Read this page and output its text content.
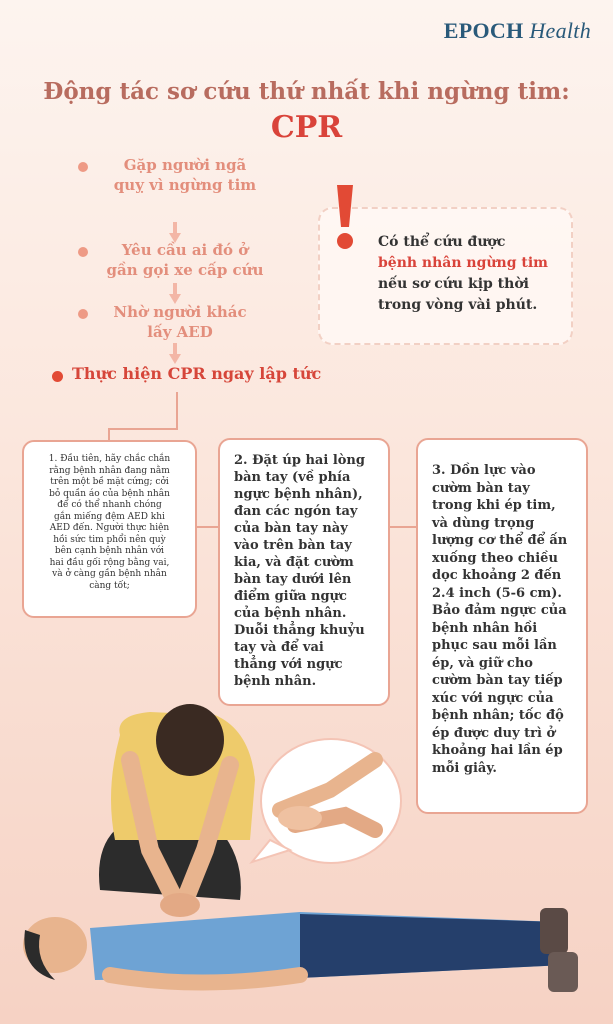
EPOCH Health
Động tác sơ cứu thứ nhất khi ngừng tim:
CPR
Gặp người ngã
quỵ vì ngừng tim
Yêu cầu ai đó ở
gần gọi xe cấp cứu
Nhờ người khác
lấy AED
Thực hiện CPR ngay lập tức
Có thể cứu được
bệnh nhân ngừng tim
nếu sơ cứu kịp thời
trong vòng vài phút.

1. Đầu tiên, hãy chắc chắn
rằng bệnh nhân đang nằm
trên một bề mặt cứng; cởi
bỏ quần áo của bệnh nhân
để có thể nhanh chóng
gắn miếng đệm AED khi
AED đến. Người thực hiện
hồi sức tim phổi nên quỳ
bên cạnh bệnh nhân với
hai đầu gối rộng bằng vai,
và ở càng gần bệnh nhân
càng tốt;

2. Đặt úp hai lòng
bàn tay (về phía
ngực bệnh nhân),
đan các ngón tay
của bàn tay này
vào trên bàn tay
kia, và đặt cườm
bàn tay dưới lên
điểm giữa ngực
của bệnh nhân.
Duỗi thẳng khuỷu
tay và để vai
thẳng với ngực
bệnh nhân.

3. Dồn lực vào
cườm bàn tay
trong khi ép tim,
và dùng trọng
lượng cơ thể để ấn
xuống theo chiều
dọc khoảng 2 đến
2.4 inch (5-6 cm).
Bảo đảm ngực của
bệnh nhân hồi
phục sau mỗi lần
ép, và giữ cho
cườm bàn tay tiếp
xúc với ngực của
bệnh nhân; tốc độ
ép được duy trì ở
khoảng hai lần ép
mỗi giây.
